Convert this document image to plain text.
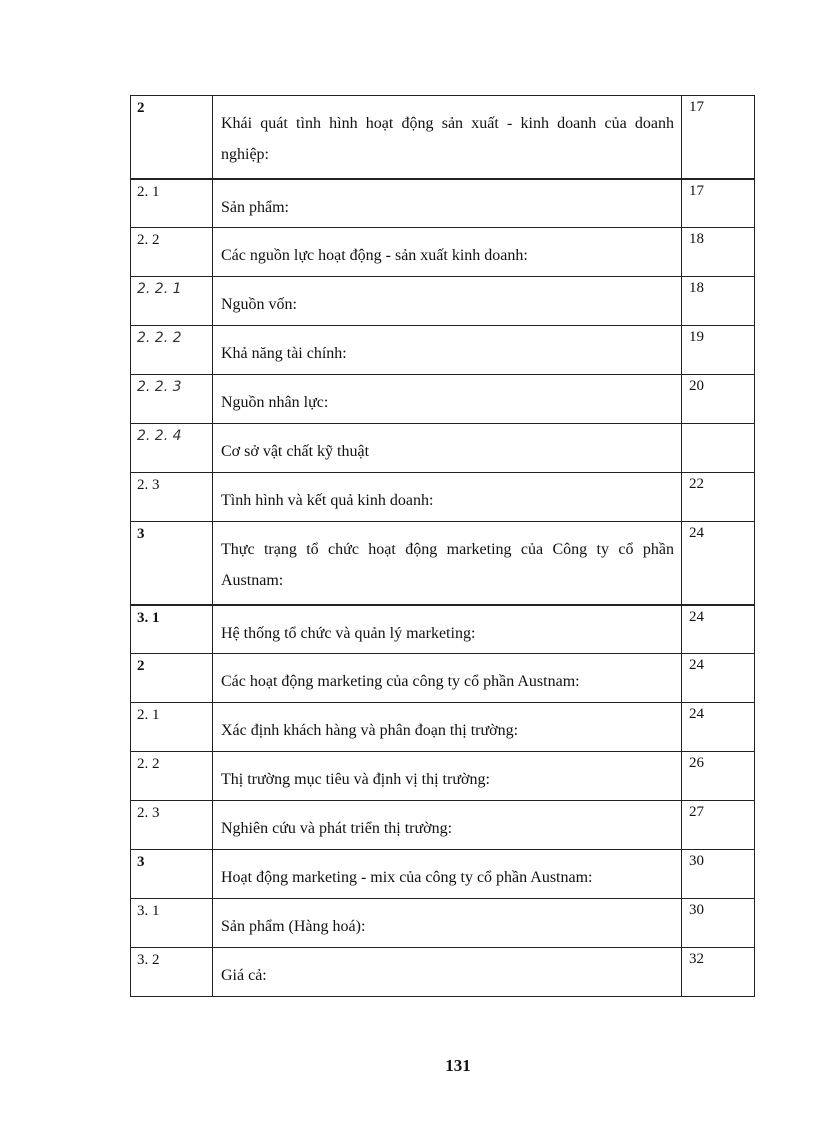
2	Khái quát tình hình hoạt động sản xuất - kinh doanh của doanh nghiệp:	17
2. 1	Sản phẩm:	17
2. 2	Các nguồn lực hoạt động - sản xuất kinh doanh:	18
2. 2. 1	Nguồn vốn:	18
2. 2. 2	Khả năng tài chính:	19
2. 2. 3	Nguồn nhân lực:	20
2. 2. 4	Cơ sở vật chất kỹ thuật	
2. 3	Tình hình và kết quả kinh doanh:	22
3	Thực trạng tổ chức hoạt động marketing của Công ty cổ phần Austnam:	24
3. 1	Hệ thống tổ chức và quản lý marketing:	24
2	Các hoạt động marketing của công ty cổ phần Austnam:	24
2. 1	Xác định khách hàng và phân đoạn thị trường:	24
2. 2	Thị trường mục tiêu và định vị thị trường:	26
2. 3	Nghiên cứu và phát triển thị trường:	27
3	Hoạt động marketing - mix của công ty cổ phần Austnam:	30
3. 1	Sản phẩm (Hàng hoá):	30
3. 2	Giá cả:	32
131
